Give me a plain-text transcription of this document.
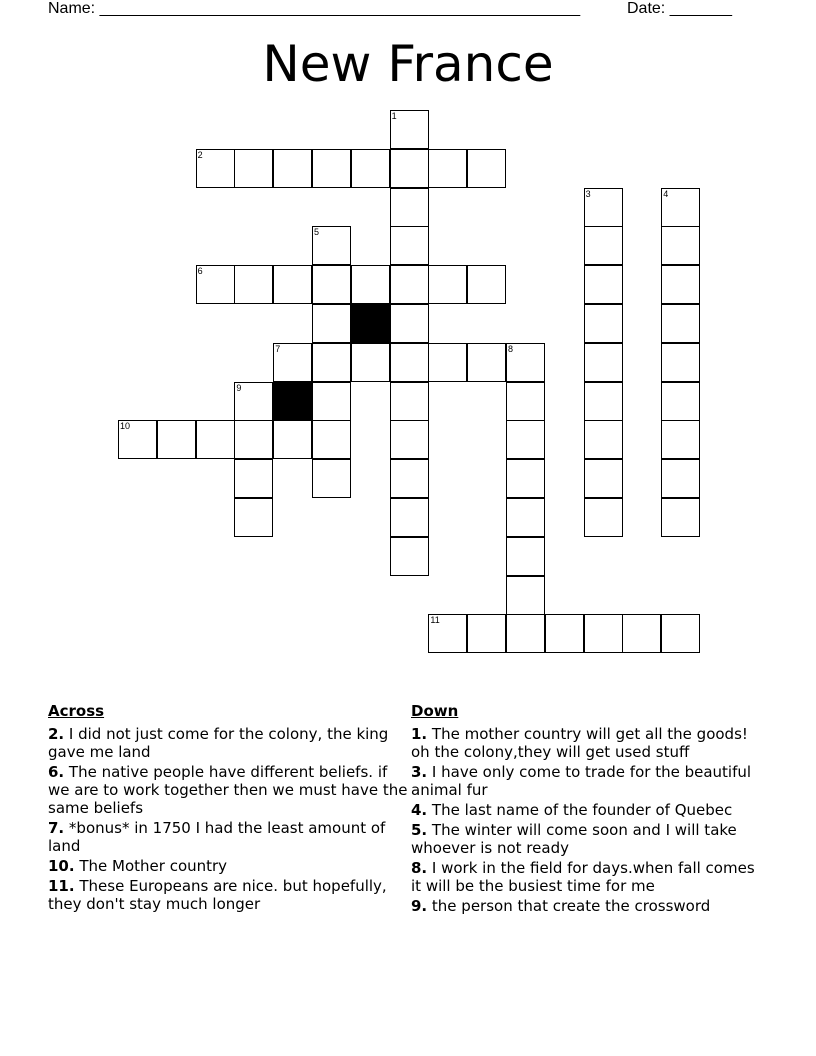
Name: ______________________________________________________	Date: _______
New France
1
2
3	4
5
6
7	8
9
10
11
Across
2. I did not just come for the colony, the king gave me land
6. The native people have different beliefs. if we are to work together then we must have the same beliefs
7. *bonus* in 1750 I had the least amount of land
10. The Mother country
11. These Europeans are nice. but hopefully, they don't stay much longer
Down
1. The mother country will get all the goods! oh the colony,they will get used stuff
3. I have only come to trade for the beautiful animal fur
4. The last name of the founder of Quebec
5. The winter will come soon and I will take whoever is not ready
8. I work in the field for days.when fall comes it will be the busiest time for me
9. the person that create the crossword
